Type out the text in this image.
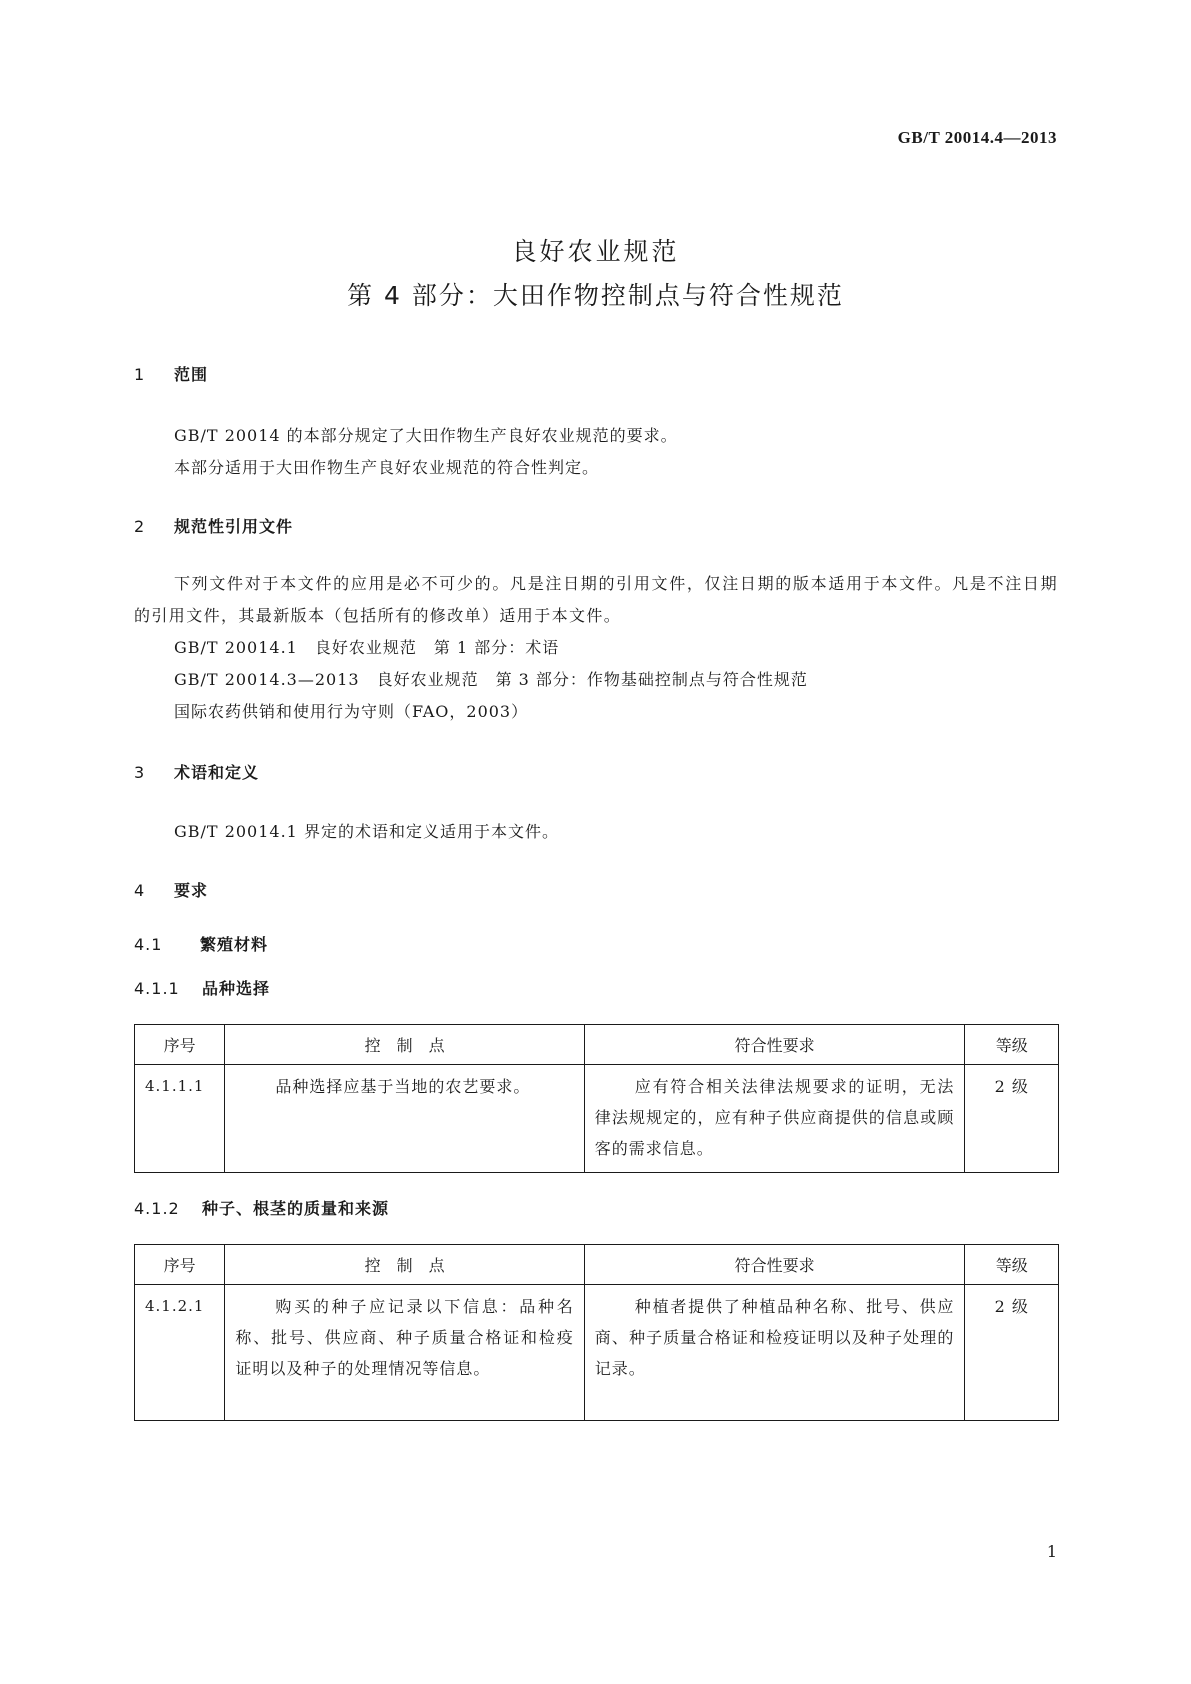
GB/T 20014.4—2013
良好农业规范
第 4 部分：大田作物控制点与符合性规范
1 范围
GB/T 20014 的本部分规定了大田作物生产良好农业规范的要求。
本部分适用于大田作物生产良好农业规范的符合性判定。
2 规范性引用文件
下列文件对于本文件的应用是必不可少的。凡是注日期的引用文件，仅注日期的版本适用于本文件。凡是不注日期的引用文件，其最新版本（包括所有的修改单）适用于本文件。
GB/T 20014.1　良好农业规范　第 1 部分：术语
GB/T 20014.3—2013　良好农业规范　第 3 部分：作物基础控制点与符合性规范
国际农药供销和使用行为守则（FAO，2003）
3 术语和定义
GB/T 20014.1 界定的术语和定义适用于本文件。
4 要求
4.1 繁殖材料
4.1.1 品种选择
序号	控　制　点	符合性要求	等级
4.1.1.1	品种选择应基于当地的农艺要求。	应有符合相关法律法规要求的证明，无法律法规规定的，应有种子供应商提供的信息或顾客的需求信息。	2 级
4.1.2 种子、根茎的质量和来源
序号	控　制　点	符合性要求	等级
4.1.2.1	购买的种子应记录以下信息：品种名称、批号、供应商、种子质量合格证和检疫证明以及种子的处理情况等信息。	种植者提供了种植品种名称、批号、供应商、种子质量合格证和检疫证明以及种子处理的记录。	2 级
1
